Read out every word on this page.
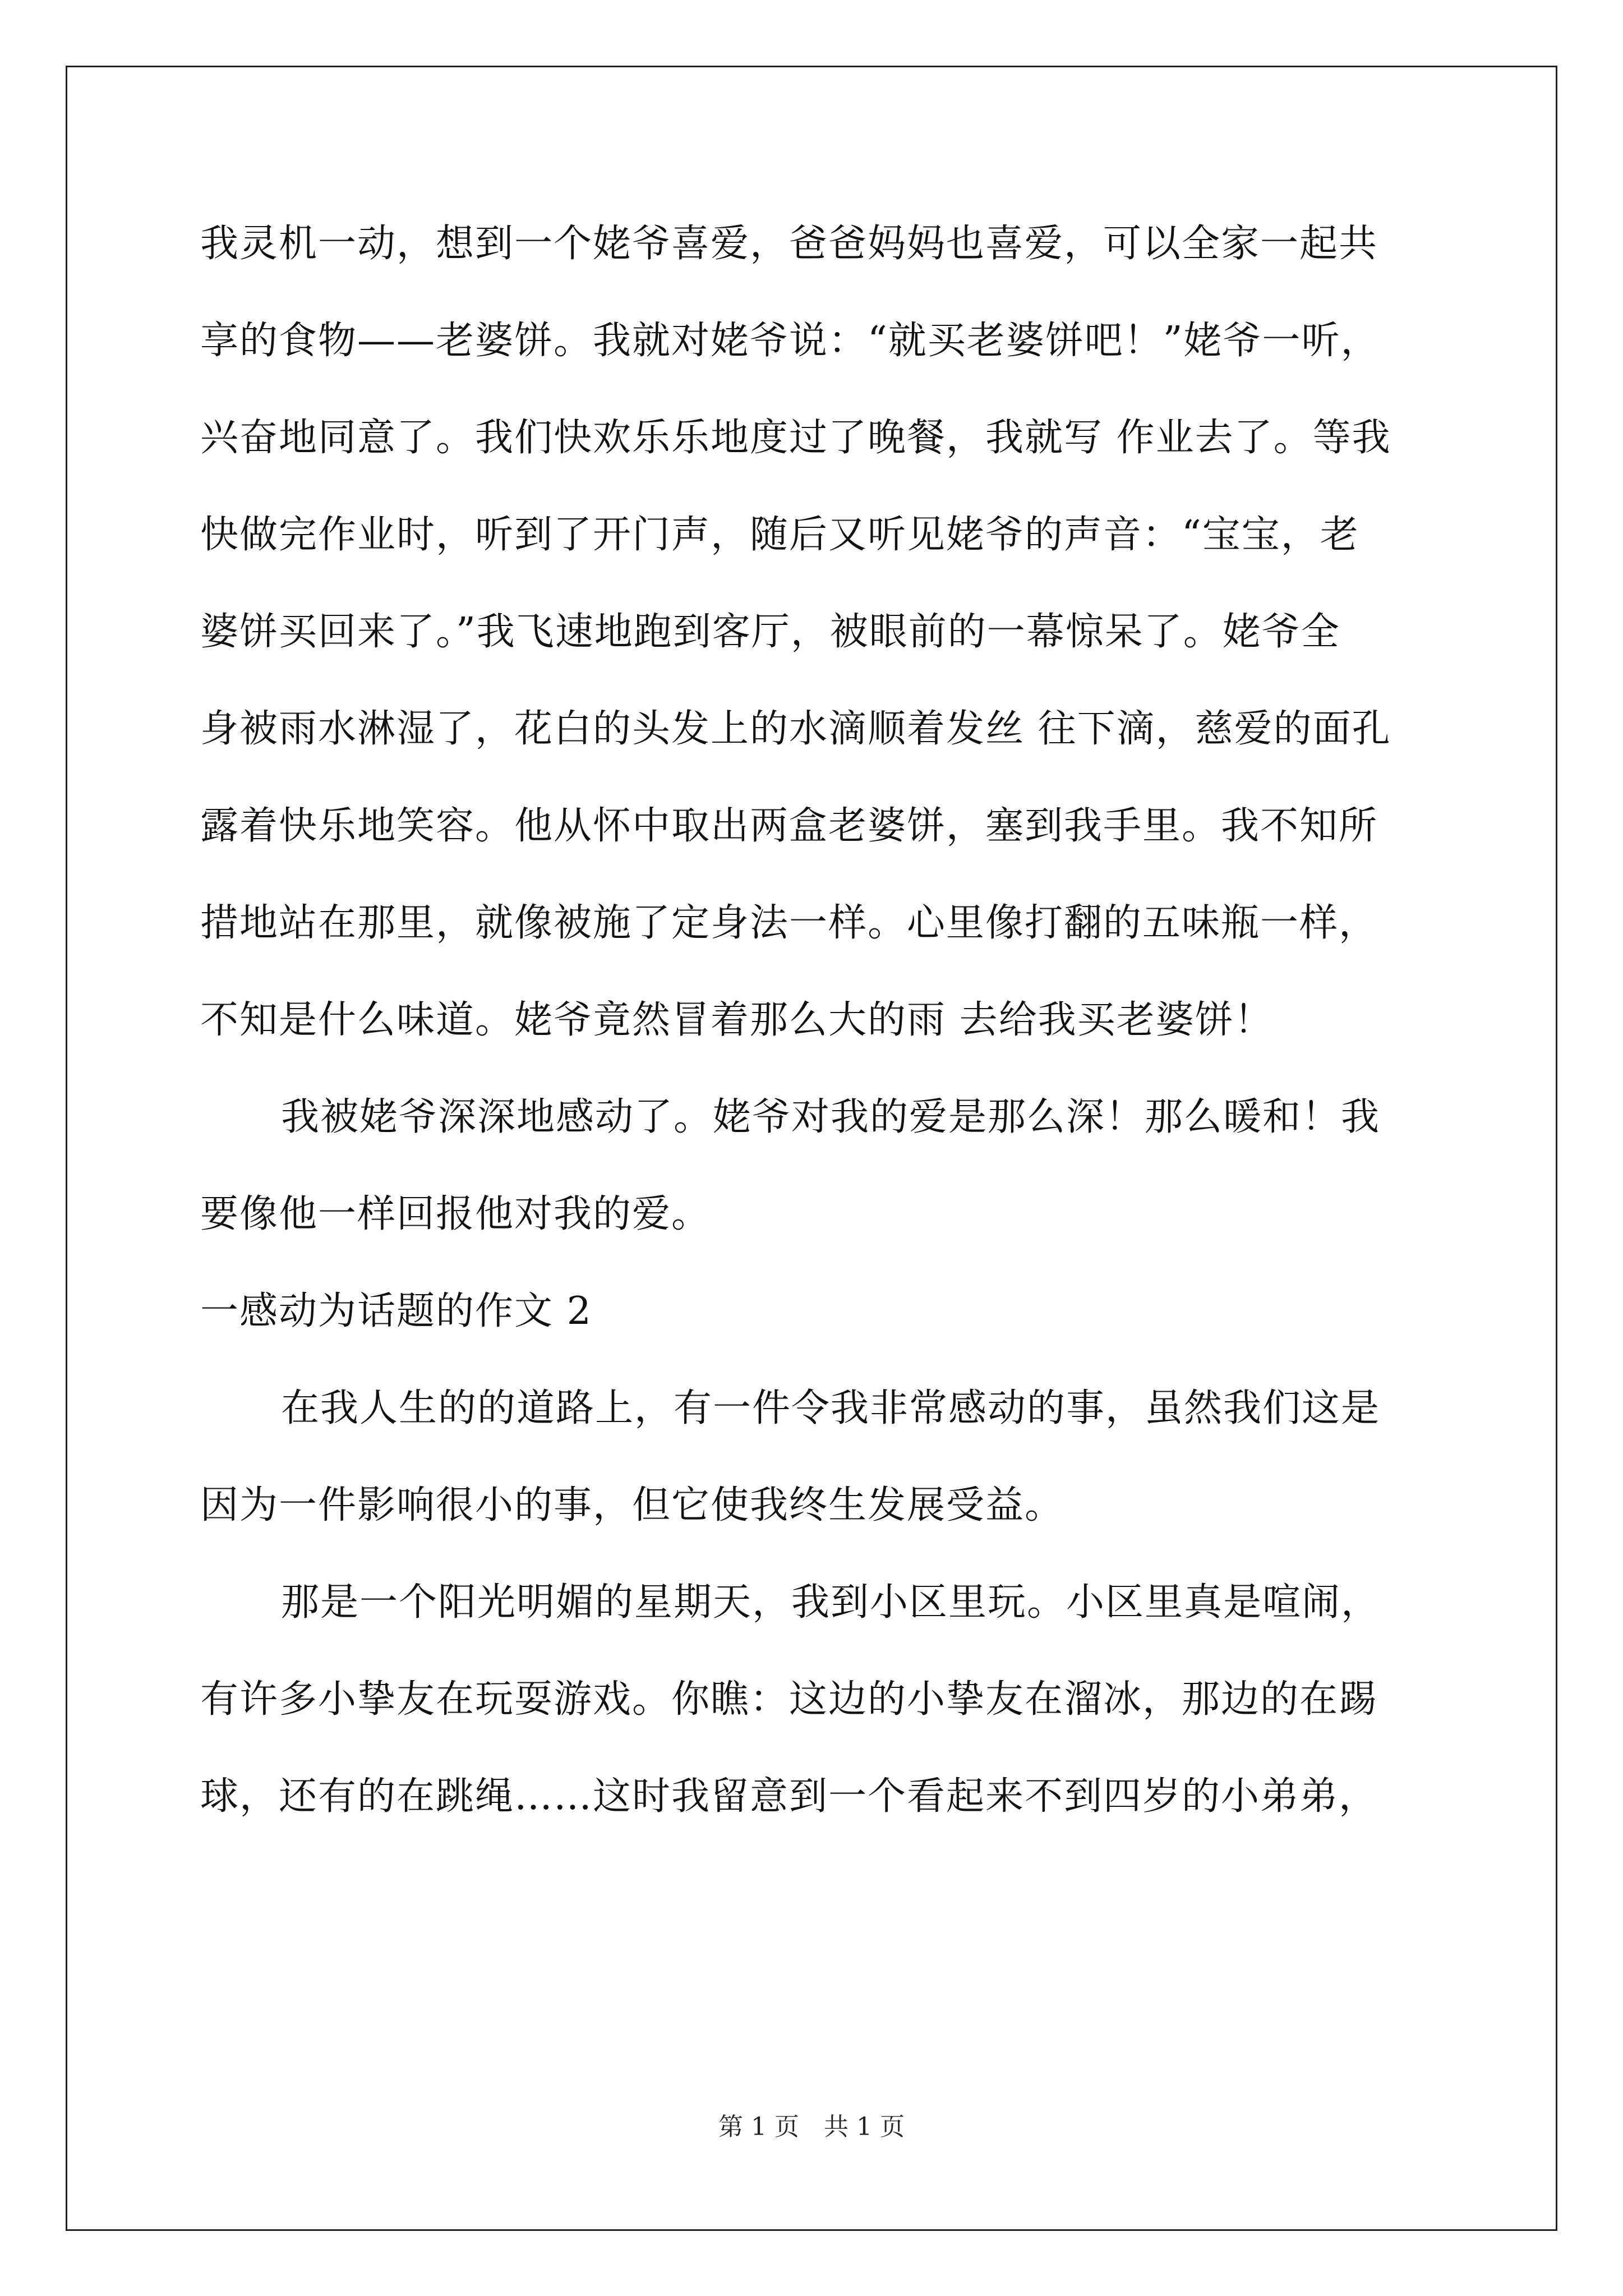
我灵机一动，想到一个姥爷喜爱，爸爸妈妈也喜爱，可以全家一起共
享的食物——老婆饼。我就对姥爷说：“就买老婆饼吧！”姥爷一听，
兴奋地同意了。我们快欢乐乐地度过了晚餐，我就写 作业去了。等我
快做完作业时，听到了开门声，随后又听见姥爷的声音：“宝宝，老
婆饼买回来了。”我飞速地跑到客厅，被眼前的一幕惊呆了。姥爷全
身被雨水淋湿了，花白的头发上的水滴顺着发丝 往下滴，慈爱的面孔
露着快乐地笑容。他从怀中取出两盒老婆饼，塞到我手里。我不知所
措地站在那里，就像被施了定身法一样。心里像打翻的五味瓶一样，
不知是什么味道。姥爷竟然冒着那么大的雨 去给我买老婆饼！
我被姥爷深深地感动了。姥爷对我的爱是那么深！那么暖和！我
要像他一样回报他对我的爱。
一感动为话题的作文 2
在我人生的的道路上，有一件令我非常感动的事，虽然我们这是
因为一件影响很小的事，但它使我终生发展受益。
那是一个阳光明媚的星期天，我到小区里玩。小区里真是喧闹，
有许多小挚友在玩耍游戏。你瞧：这边的小挚友在溜冰，那边的在踢
球，还有的在跳绳……这时我留意到一个看起来不到四岁的小弟弟，
第 1 页　共 1 页
